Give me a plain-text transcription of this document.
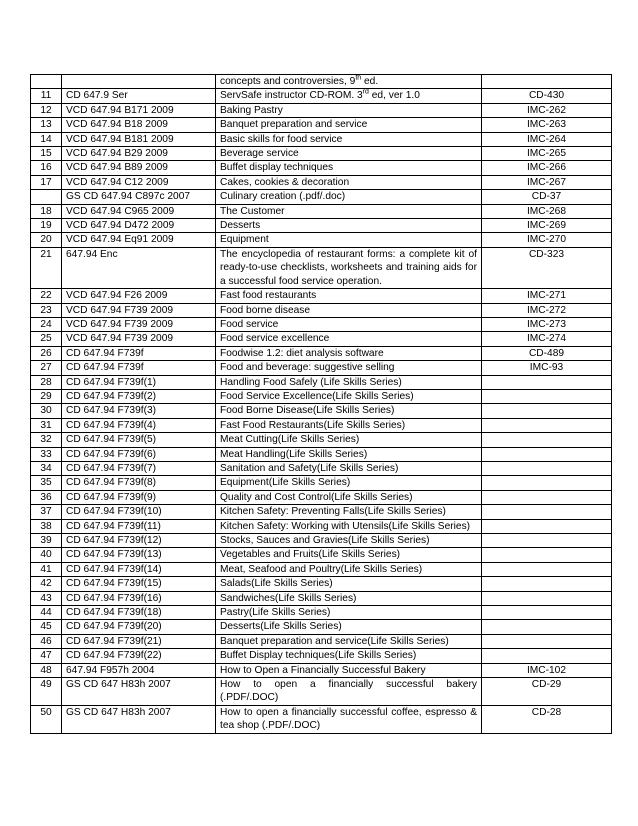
		concepts and controversies, 9th ed.	
11	CD 647.9 Ser	ServSafe instructor CD-ROM. 3rd ed, ver 1.0	CD-430
12	VCD 647.94 B171 2009	Baking Pastry	IMC-262
13	VCD 647.94 B18 2009	Banquet preparation and service	IMC-263
14	VCD 647.94 B181 2009	Basic skills for food service	IMC-264
15	VCD 647.94 B29 2009	Beverage service	IMC-265
16	VCD 647.94 B89 2009	Buffet display techniques	IMC-266
17	VCD 647.94 C12 2009	Cakes, cookies & decoration	IMC-267
	GS CD 647.94 C897c 2007	Culinary creation (.pdf/.doc)	CD-37
18	VCD 647.94 C965 2009	The Customer	IMC-268
19	VCD 647.94 D472 2009	Desserts	IMC-269
20	VCD 647.94 Eq91 2009	Equipment	IMC-270
21	647.94 Enc	The encyclopedia of restaurant forms: a complete kit of ready-to-use checklists, worksheets and training aids for a successful food service operation.	CD-323
22	VCD 647.94 F26 2009	Fast food restaurants	IMC-271
23	VCD 647.94 F739 2009	Food borne disease	IMC-272
24	VCD 647.94 F739 2009	Food service	IMC-273
25	VCD 647.94 F739 2009	Food service excellence	IMC-274
26	CD 647.94 F739f	Foodwise 1.2: diet analysis software	CD-489
27	CD 647.94 F739f	Food and beverage: suggestive selling	IMC-93
28	CD 647.94 F739f(1)	Handling Food Safely (Life Skills Series)	
29	CD 647.94 F739f(2)	Food Service Excellence(Life Skills Series)	
30	CD 647.94 F739f(3)	Food Borne Disease(Life Skills Series)	
31	CD 647.94 F739f(4)	Fast Food Restaurants(Life Skills Series)	
32	CD 647.94 F739f(5)	Meat Cutting(Life Skills Series)	
33	CD 647.94 F739f(6)	Meat Handling(Life Skills Series)	
34	CD 647.94 F739f(7)	Sanitation and Safety(Life Skills Series)	
35	CD 647.94 F739f(8)	Equipment(Life Skills Series)	
36	CD 647.94 F739f(9)	Quality and Cost Control(Life Skills Series)	
37	CD 647.94 F739f(10)	Kitchen Safety: Preventing Falls(Life Skills Series)	
38	CD 647.94 F739f(11)	Kitchen Safety: Working with Utensils(Life Skills Series)	
39	CD 647.94 F739f(12)	Stocks, Sauces and Gravies(Life Skills Series)	
40	CD 647.94 F739f(13)	Vegetables and Fruits(Life Skills Series)	
41	CD 647.94 F739f(14)	Meat, Seafood and Poultry(Life Skills Series)	
42	CD 647.94 F739f(15)	Salads(Life Skills Series)	
43	CD 647.94 F739f(16)	Sandwiches(Life Skills Series)	
44	CD 647.94 F739f(18)	Pastry(Life Skills Series)	
45	CD 647.94 F739f(20)	Desserts(Life Skills Series)	
46	CD 647.94 F739f(21)	Banquet preparation and service(Life Skills Series)	
47	CD 647.94 F739f(22)	Buffet Display techniques(Life Skills Series)	
48	647.94 F957h 2004	How to Open a Financially Successful Bakery	IMC-102
49	GS CD 647 H83h 2007	How to open a financially successful bakery (.PDF/.DOC)	CD-29
50	GS CD 647 H83h 2007	How to open a financially successful coffee, espresso & tea shop (.PDF/.DOC)	CD-28
